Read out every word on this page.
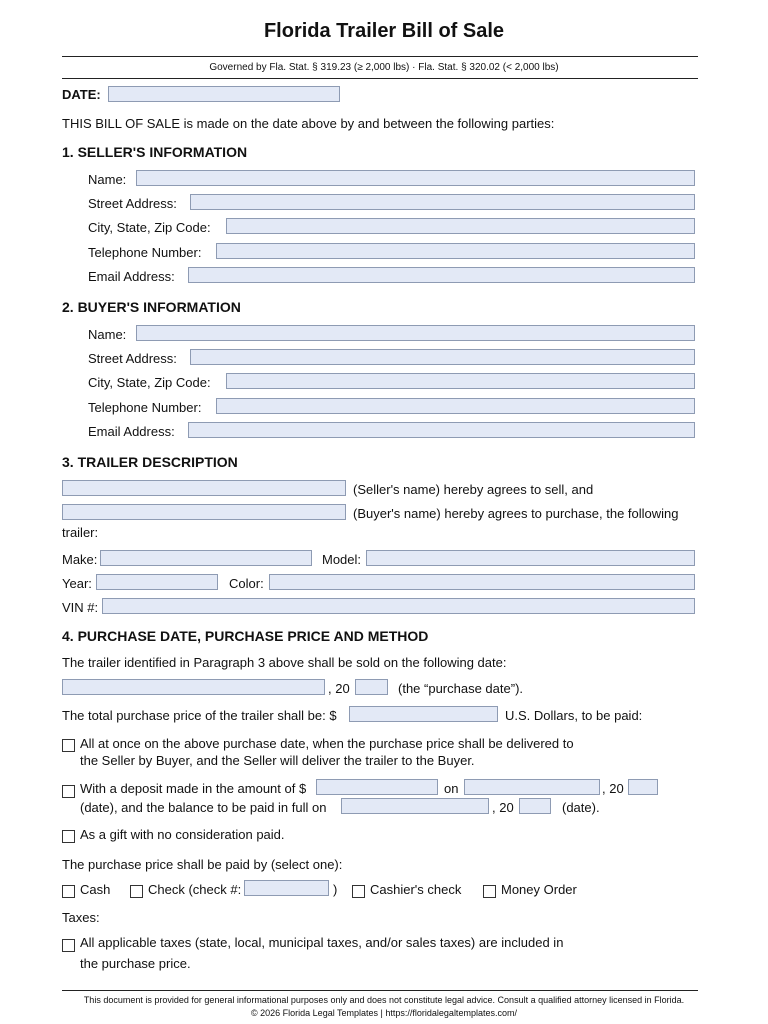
Florida Trailer Bill of Sale
Governed by Fla. Stat. § 319.23 (≥ 2,000 lbs) · Fla. Stat. § 320.02 (< 2,000 lbs)
DATE:
THIS BILL OF SALE is made on the date above by and between the following parties:
1. SELLER'S INFORMATION
Name:
Street Address:
City, State, Zip Code:
Telephone Number:
Email Address:
2. BUYER'S INFORMATION
Name:
Street Address:
City, State, Zip Code:
Telephone Number:
Email Address:
3. TRAILER DESCRIPTION
(Seller's name) hereby agrees to sell, and
(Buyer's name) hereby agrees to purchase, the following
trailer:
Make:	Model:
Year:	Color:
VIN #:
4. PURCHASE DATE, PURCHASE PRICE AND METHOD
The trailer identified in Paragraph 3 above shall be sold on the following date:
, 20	(the “purchase date”).
The total purchase price of the trailer shall be: $	U.S. Dollars, to be paid:
All at once on the above purchase date, when the purchase price shall be delivered to
the Seller by Buyer, and the Seller will deliver the trailer to the Buyer.
With a deposit made in the amount of $	on	, 20
(date), and the balance to be paid in full on	, 20	(date).
As a gift with no consideration paid.
The purchase price shall be paid by (select one):
Cash	Check (check #:	)	Cashier's check	Money Order
Taxes:
All applicable taxes (state, local, municipal taxes, and/or sales taxes) are included in
the purchase price.
This document is provided for general informational purposes only and does not constitute legal advice. Consult a qualified attorney licensed in Florida.
© 2026 Florida Legal Templates | https://floridalegaltemplates.com/
